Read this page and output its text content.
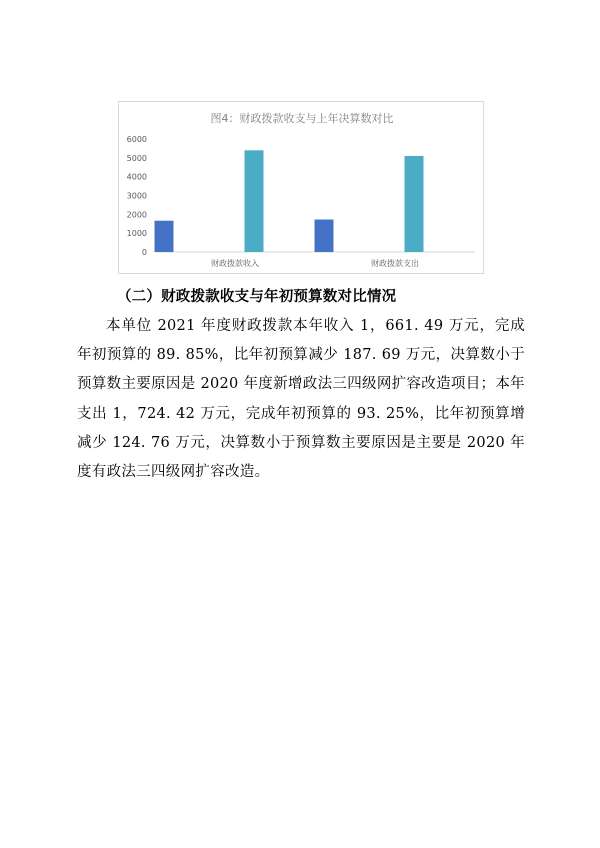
图4：财政拨款收支与上年决算数对比
0
1000
2000
3000
4000
5000
6000
财政拨款收入	财政拨款支出
（二）财政拨款收支与年初预算数对比情况

本单位 2021 年度财政拨款本年收入 1，661. 49 万元，完成年初预算的 89. 85%，比年初预算减少 187. 69 万元，决算数小于预算数主要原因是 2020 年度新增政法三四级网扩容改造项目；本年支出 1，724. 42 万元，完成年初预算的 93. 25%，比年初预算增减少 124. 76 万元，决算数小于预算数主要原因是主要是 2020 年度有政法三四级网扩容改造。
